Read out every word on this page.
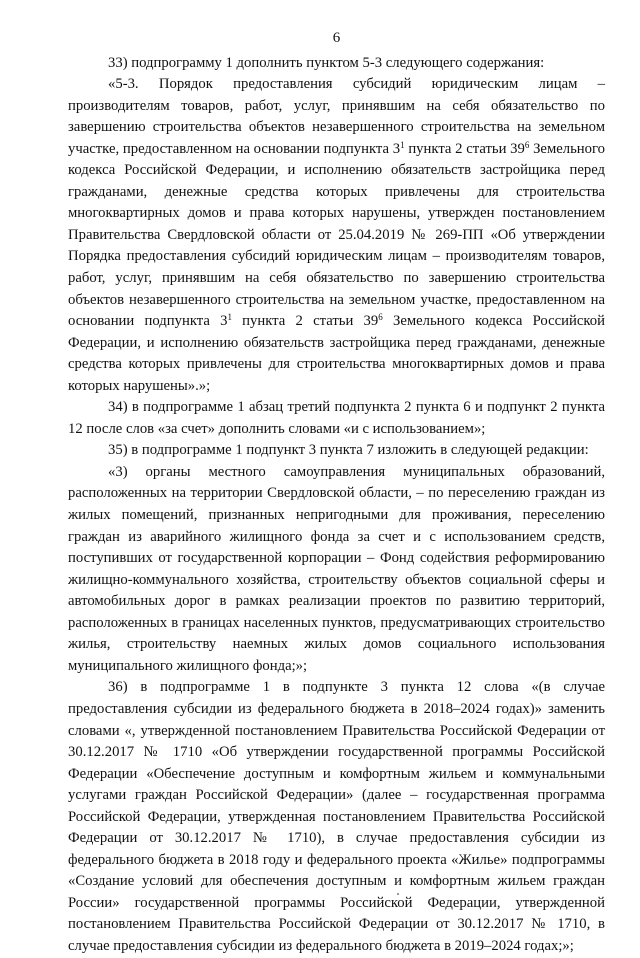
6

33) подпрограмму 1 дополнить пунктом 5-3 следующего содержания:

«5-3. Порядок предоставления субсидий юридическим лицам – производителям товаров, работ, услуг, принявшим на себя обязательство по завершению строительства объектов незавершенного строительства на земельном участке, предоставленном на основании подпункта $3^1$ пункта 2 статьи $39^6$ Земельного кодекса Российской Федерации, и исполнению обязательств застройщика перед гражданами, денежные средства которых привлечены для строительства многоквартирных домов и права которых нарушены, утвержден постановлением Правительства Свердловской области от 25.04.2019 № 269-ПП «Об утверждении Порядка предоставления субсидий юридическим лицам – производителям товаров, работ, услуг, принявшим на себя обязательство по завершению строительства объектов незавершенного строительства на земельном участке, предоставленном на основании подпункта $3^1$ пункта 2 статьи $39^6$ Земельного кодекса Российской Федерации, и исполнению обязательств застройщика перед гражданами, денежные средства которых привлечены для строительства многоквартирных домов и права которых нарушены».»;

34) в подпрограмме 1 абзац третий подпункта 2 пункта 6 и подпункт 2 пункта 12 после слов «за счет» дополнить словами «и с использованием»;

35) в подпрограмме 1 подпункт 3 пункта 7 изложить в следующей редакции:

«3) органы местного самоуправления муниципальных образований, расположенных на территории Свердловской области, – по переселению граждан из жилых помещений, признанных непригодными для проживания, переселению граждан из аварийного жилищного фонда за счет и с использованием средств, поступивших от государственной корпорации – Фонд содействия реформированию жилищно-коммунального хозяйства, строительству объектов социальной сферы и автомобильных дорог в рамках реализации проектов по развитию территорий, расположенных в границах населенных пунктов, предусматривающих строительство жилья, строительству наемных жилых домов социального использования муниципального жилищного фонда;»;

36) в подпрограмме 1 в подпункте 3 пункта 12 слова «(в случае предоставления субсидии из федерального бюджета в 2018–2024 годах)» заменить словами «, утвержденной постановлением Правительства Российской Федерации от 30.12.2017 № 1710 «Об утверждении государственной программы Российской Федерации «Обеспечение доступным и комфортным жильем и коммунальными услугами граждан Российской Федерации» (далее – государственная программа Российской Федерации, утвержденная постановлением Правительства Российской Федерации от 30.12.2017 № 1710), в случае предоставления субсидии из федерального бюджета в 2018 году и федерального проекта «Жилье» подпрограммы «Создание условий для обеспечения доступным и комфортным жильем граждан России» государственной программы Российской Федерации, утвержденной постановлением Правительства Российской Федерации от 30.12.2017 № 1710, в случае предоставления субсидии из федерального бюджета в 2019–2024 годах;»;
